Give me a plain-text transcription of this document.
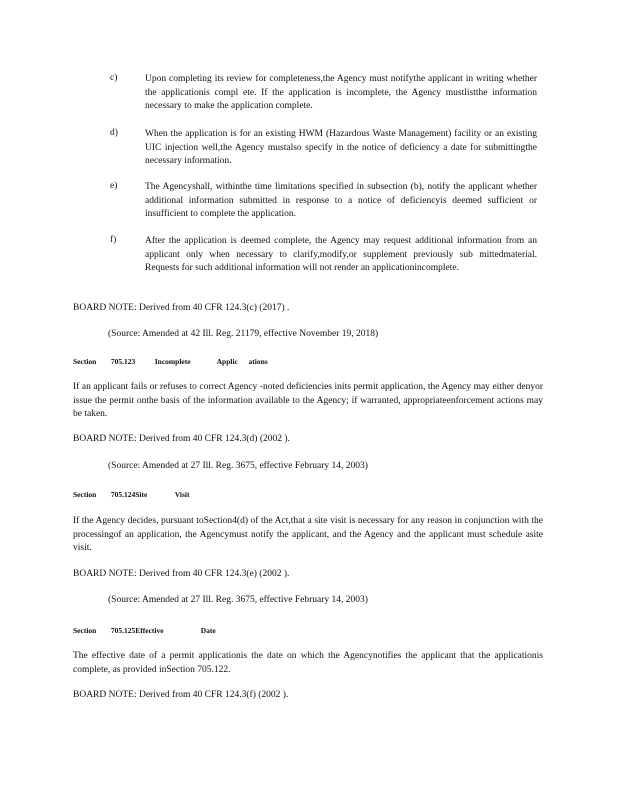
c)	Upon completing its review for completeness,the Agency must notifythe applicant in writing whether the applicationis compl ete. If the application is incomplete, the Agency mustlistthe information necessary to make the application complete.
d)	When the application is for an existing HWM (Hazardous Waste Management) facility or an existing UIC injection well,the Agency mustalso specify in the notice of deficiency a date for submittingthe necessary information.
e)	The Agencyshall, withinthe time limitations specified in subsection (b), notify the applicant whether additional information submitted in response to a notice of deficiencyis deemed sufficient or insufficient to complete the application.
f)	After the application is deemed complete, the Agency may request additional information from an applicant only when necessary to clarify,modify,or supplement previously sub mittedmaterial. Requests for such additional information will not render an applicationincomplete.
BOARD NOTE: Derived from 40 CFR 124.3(c) (2017) .
(Source: Amended at 42 Ill. Reg. 21179, effective November 19, 2018)
Section 705.123	Incomplete	Applic ations
If an applicant fails or refuses to correct Agency -noted deficiencies inits permit application, the Agency may either denyor issue the permit onthe basis of the information available to the Agency; if warranted, appropriateenforcement actions may be taken.
BOARD NOTE: Derived from 40 CFR 124.3(d) (2002 ).
(Source: Amended at 27 Ill. Reg. 3675, effective February 14, 2003)
Section 705.124Site	Visit
If the Agency decides, pursuant toSection4(d) of the Act,that a site visit is necessary for any reason in conjunction with the processingof an application, the Agencymust notify the applicant, and the Agency and the applicant must schedule asite visit.
BOARD NOTE: Derived from 40 CFR 124.3(e) (2002 ).
(Source: Amended at 27 Ill. Reg. 3675, effective February 14, 2003)
Section 705.125Effective	Date
The effective date of a permit applicationis the date on which the Agencynotifies the applicant that the applicationis complete, as provided inSection 705.122.
BOARD NOTE: Derived from 40 CFR 124.3(f) (2002 ).
